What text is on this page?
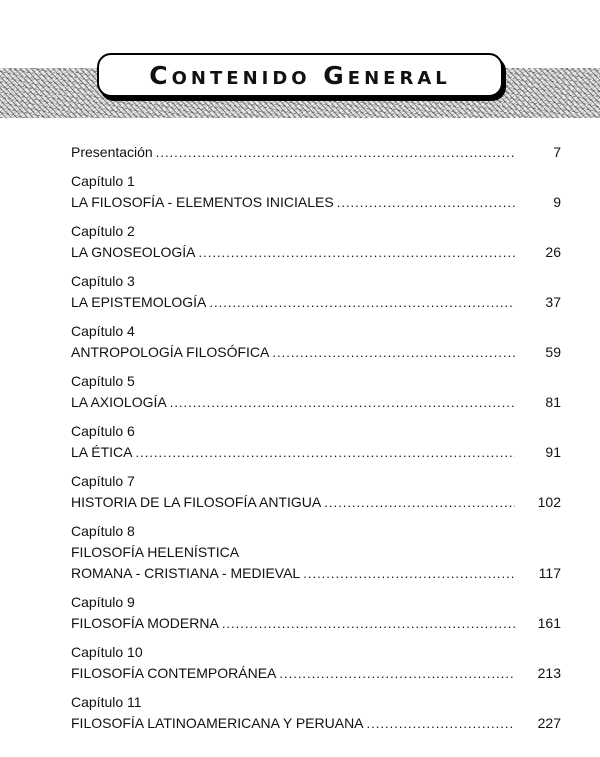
Contenido General
Presentación .....	7
Capítulo 1
LA FILOSOFÍA - ELEMENTOS INICIALES .....	9
Capítulo 2
LA GNOSEOLOGÍA .....	26
Capítulo 3
LA EPISTEMOLOGÍA .....	37
Capítulo 4
ANTROPOLOGÍA FILOSÓFICA .....	59
Capítulo 5
LA AXIOLOGÍA .....	81
Capítulo 6
LA ÉTICA .....	91
Capítulo 7
HISTORIA DE LA FILOSOFÍA ANTIGUA .....	102
Capítulo 8
FILOSOFÍA HELENÍSTICA
ROMANA - CRISTIANA - MEDIEVAL .....	117
Capítulo 9
FILOSOFÍA MODERNA .....	161
Capítulo 10
FILOSOFÍA CONTEMPORÁNEA .....	213
Capítulo 11
FILOSOFÍA LATINOAMERICANA Y PERUANA .....	227
